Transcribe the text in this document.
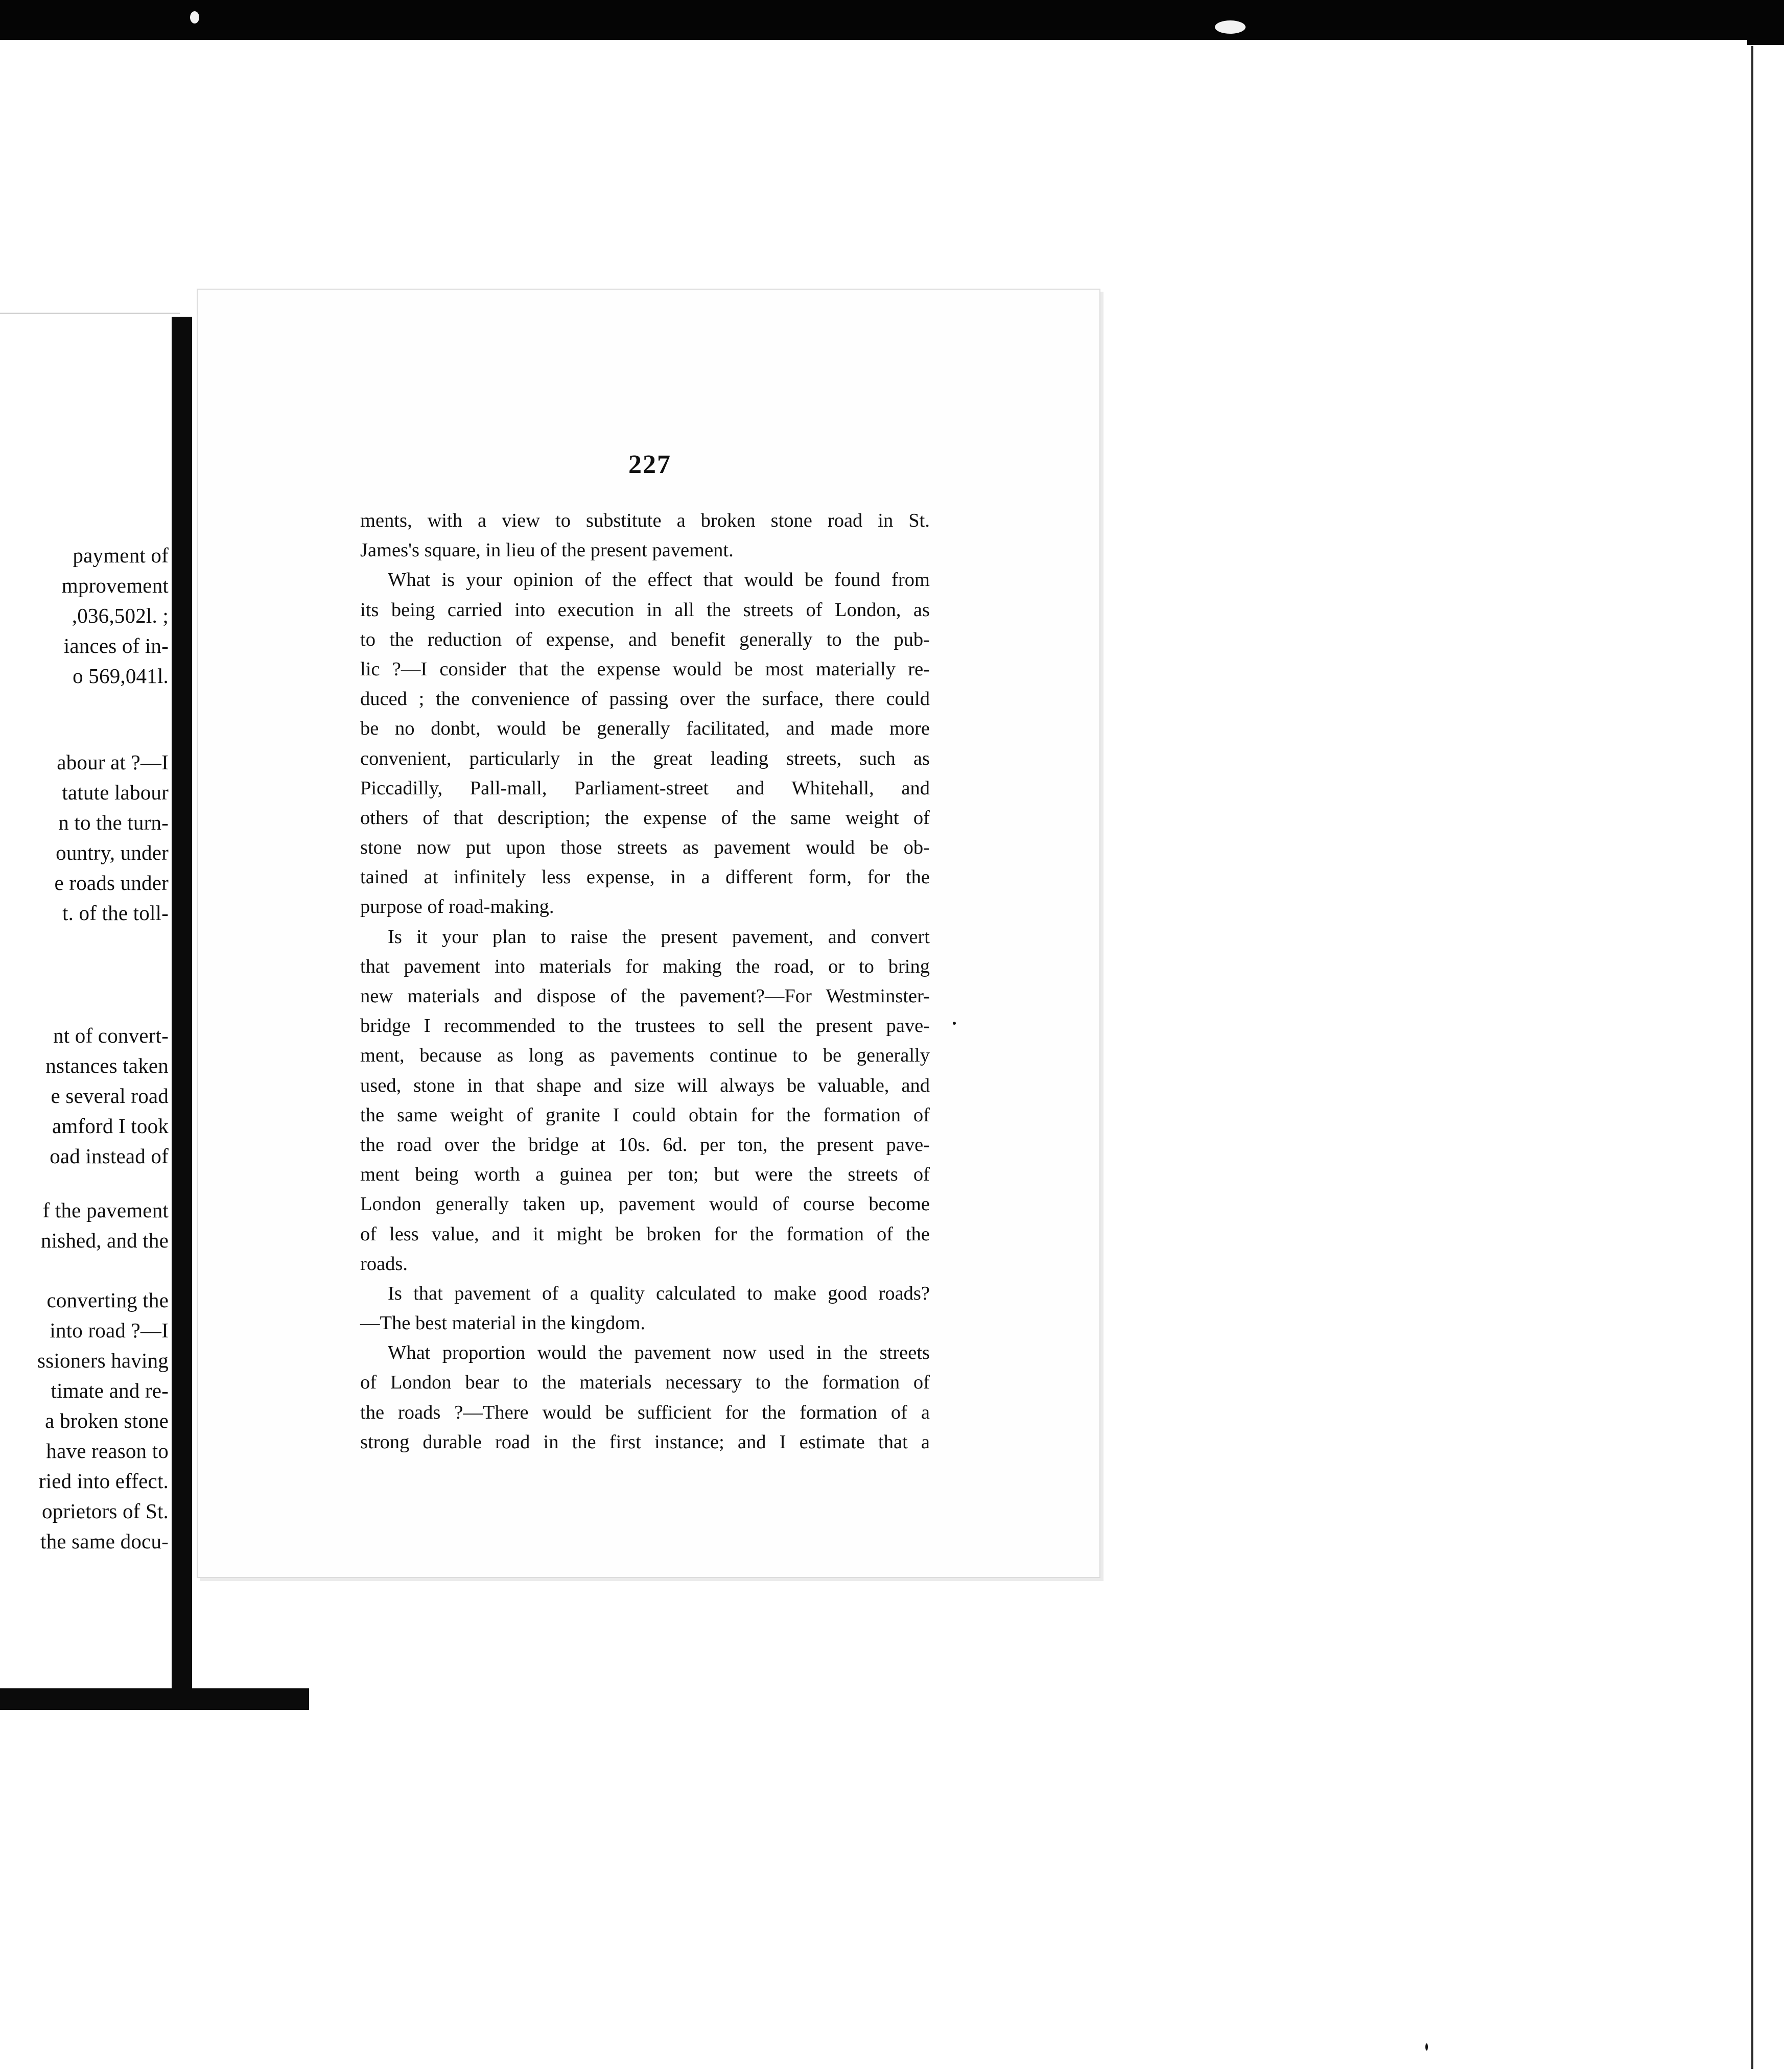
payment of
mprovement
,036,502l. ;
iances of in-
o 569,041l.
abour at ?—I
tatute labour
n to the turn-
ountry, under
e roads under
t. of the toll-
nt of convert-
nstances taken
e several road
amford I took
oad instead of
f the pavement
nished, and the
converting the
into road ?—I
ssioners having
timate and re-
a broken stone
have reason to
ried into effect.
oprietors of St.
the same docu-
227
ments, with a view to substitute a broken stone road in St.
James's square, in lieu of the present pavement.
What is your opinion of the effect that would be found from
its being carried into execution in all the streets of London, as
to the reduction of expense, and benefit generally to the pub-
lic ?—I consider that the expense would be most materially re-
duced ; the convenience of passing over the surface, there could
be no donbt, would be generally facilitated, and made more
convenient, particularly in the great leading streets, such as
Piccadilly, Pall-mall, Parliament-street and Whitehall, and
others of that description; the expense of the same weight of
stone now put upon those streets as pavement would be ob-
tained at infinitely less expense, in a different form, for the
purpose of road-making.
Is it your plan to raise the present pavement, and convert
that pavement into materials for making the road, or to bring
new materials and dispose of the pavement?—For Westminster-
bridge I recommended to the trustees to sell the present pave-
ment, because as long as pavements continue to be generally
used, stone in that shape and size will always be valuable, and
the same weight of granite I could obtain for the formation of
the road over the bridge at 10s. 6d. per ton, the present pave-
ment being worth a guinea per ton; but were the streets of
London generally taken up, pavement would of course become
of less value, and it might be broken for the formation of the
roads.
Is that pavement of a quality calculated to make good roads?
—The best material in the kingdom.
What proportion would the pavement now used in the streets
of London bear to the materials necessary to the formation of
the roads ?—There would be sufficient for the formation of a
strong durable road in the first instance; and I estimate that a
